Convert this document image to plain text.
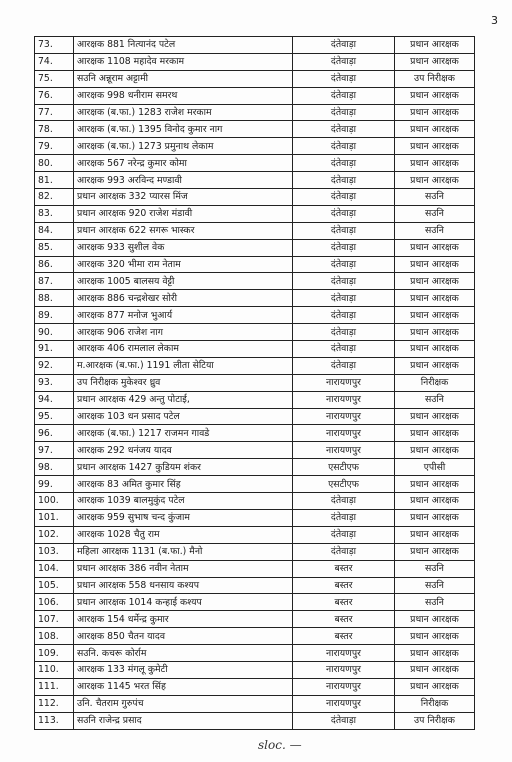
3
73.	आरक्षक 881 नित्यानंद पटेल	दंतेवाड़ा	प्रधान आरक्षक
74.	आरक्षक 1108 महादेव मरकाम	दंतेवाड़ा	प्रधान आरक्षक
75.	सउनि अन्नूराम अट्टामी	दंतेवाड़ा	उप निरीक्षक
76.	आरक्षक 998 धनीराम समरथ	दंतेवाड़ा	प्रधान आरक्षक
77.	आरक्षक (ब.फा.) 1283 राजेश मरकाम	दंतेवाड़ा	प्रधान आरक्षक
78.	आरक्षक (ब.फा.) 1395 विनोद कुमार नाग	दंतेवाड़ा	प्रधान आरक्षक
79.	आरक्षक (ब.फा.) 1273 प्रमुनाथ लेकाम	दंतेवाड़ा	प्रधान आरक्षक
80.	आरक्षक 567 नरेन्द्र कुमार कोमा	दंतेवाड़ा	प्रधान आरक्षक
81.	आरक्षक 993 अरविन्द मण्डावी	दंतेवाड़ा	प्रधान आरक्षक
82.	प्रधान आरक्षक 332 प्यारस मिंज	दंतेवाड़ा	सउनि
83.	प्रधान आरक्षक 920 राजेश मंडावी	दंतेवाड़ा	सउनि
84.	प्रधान आरक्षक 622 सगरू भास्कर	दंतेवाड़ा	सउनि
85.	आरक्षक 933 सुशील वेक	दंतेवाड़ा	प्रधान आरक्षक
86.	आरक्षक 320 भीमा राम नेताम	दंतेवाड़ा	प्रधान आरक्षक
87.	आरक्षक 1005 बालसय वेट्टी	दंतेवाड़ा	प्रधान आरक्षक
88.	आरक्षक 886 चन्द्रशेखर सोरी	दंतेवाड़ा	प्रधान आरक्षक
89.	आरक्षक 877 मनोज भुआर्य	दंतेवाड़ा	प्रधान आरक्षक
90.	आरक्षक 906 राजेश नाग	दंतेवाड़ा	प्रधान आरक्षक
91.	आरक्षक 406 रामलाल लेकाम	दंतेवाड़ा	प्रधान आरक्षक
92.	म.आरक्षक (ब.फा.) 1191 लीता सेटिया	दंतेवाड़ा	प्रधान आरक्षक
93.	उप निरीक्षक मुकेश्वर ध्रुव	नारायणपुर	निरीक्षक
94.	प्रधान आरक्षक 429 अन्तु पोटाई,	नारायणपुर	सउनि
95.	आरक्षक 103 धन प्रसाद पटेल	नारायणपुर	प्रधान आरक्षक
96.	आरक्षक (ब.फा.) 1217 राजमन गावडे	नारायणपुर	प्रधान आरक्षक
97.	आरक्षक 292 धनंजय यादव	नारायणपुर	प्रधान आरक्षक
98.	प्रधान आरक्षक 1427 कुडियम शंकर	एसटीएफ	एपीसी
99.	आरक्षक 83 अमित कुमार सिंह	एसटीएफ	प्रधान आरक्षक
100.	आरक्षक 1039 बालमुकुंद पटेल	दंतेवाड़ा	प्रधान आरक्षक
101.	आरक्षक 959 सुभाष चन्द कुंजाम	दंतेवाड़ा	प्रधान आरक्षक
102.	आरक्षक 1028 चैतु राम	दंतेवाड़ा	प्रधान आरक्षक
103.	महिला आरक्षक 1131 (ब.फा.) मैनो	दंतेवाड़ा	प्रधान आरक्षक
104.	प्रधान आरक्षक 386 नवीन नेताम	बस्तर	सउनि
105.	प्रधान आरक्षक 558 धनसाय कश्यप	बस्तर	सउनि
106.	प्रधान आरक्षक 1014 कन्हाई कश्यप	बस्तर	सउनि
107.	आरक्षक 154 धर्मेन्द्र कुमार	बस्तर	प्रधान आरक्षक
108.	आरक्षक 850 चैतन यादव	बस्तर	प्रधान आरक्षक
109.	सउनि. कचरू कोर्राम	नारायणपुर	प्रधान आरक्षक
110.	आरक्षक 133 मंगलू कुमेटी	नारायणपुर	प्रधान आरक्षक
111.	आरक्षक 1145 भरत सिंह	नारायणपुर	प्रधान आरक्षक
112.	उनि. चैतराम गुरुपंच	नारायणपुर	निरीक्षक
113.	सउनि राजेन्द्र प्रसाद	दंतेवाड़ा	उप निरीक्षक
sloc. —
